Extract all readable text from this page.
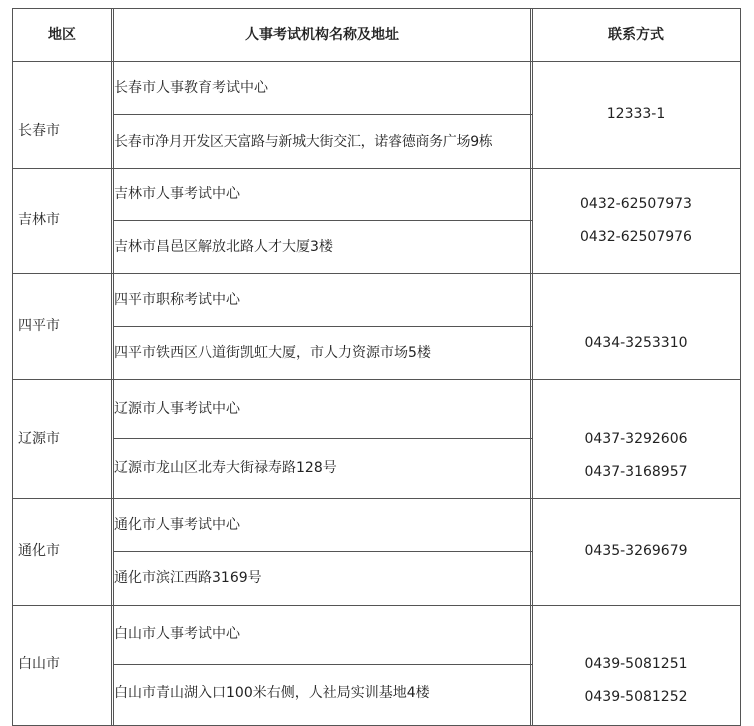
地区	人事考试机构名称及地址	联系方式
长春市
长春市人事教育考试中心
长春市净月开发区天富路与新城大街交汇，诺睿德商务广场9栋
12333-1
吉林市
吉林市人事考试中心
吉林市昌邑区解放北路人才大厦3楼
0432-62507973
0432-62507976
四平市
四平市职称考试中心
四平市铁西区八道街凯虹大厦，市人力资源市场5楼
0434-3253310
辽源市
辽源市人事考试中心
辽源市龙山区北寿大街禄寿路128号
0437-3292606
0437-3168957
通化市
通化市人事考试中心
通化市滨江西路3169号
0435-3269679
白山市
白山市人事考试中心
白山市青山湖入口100米右侧，人社局实训基地4楼
0439-5081251
0439-5081252
